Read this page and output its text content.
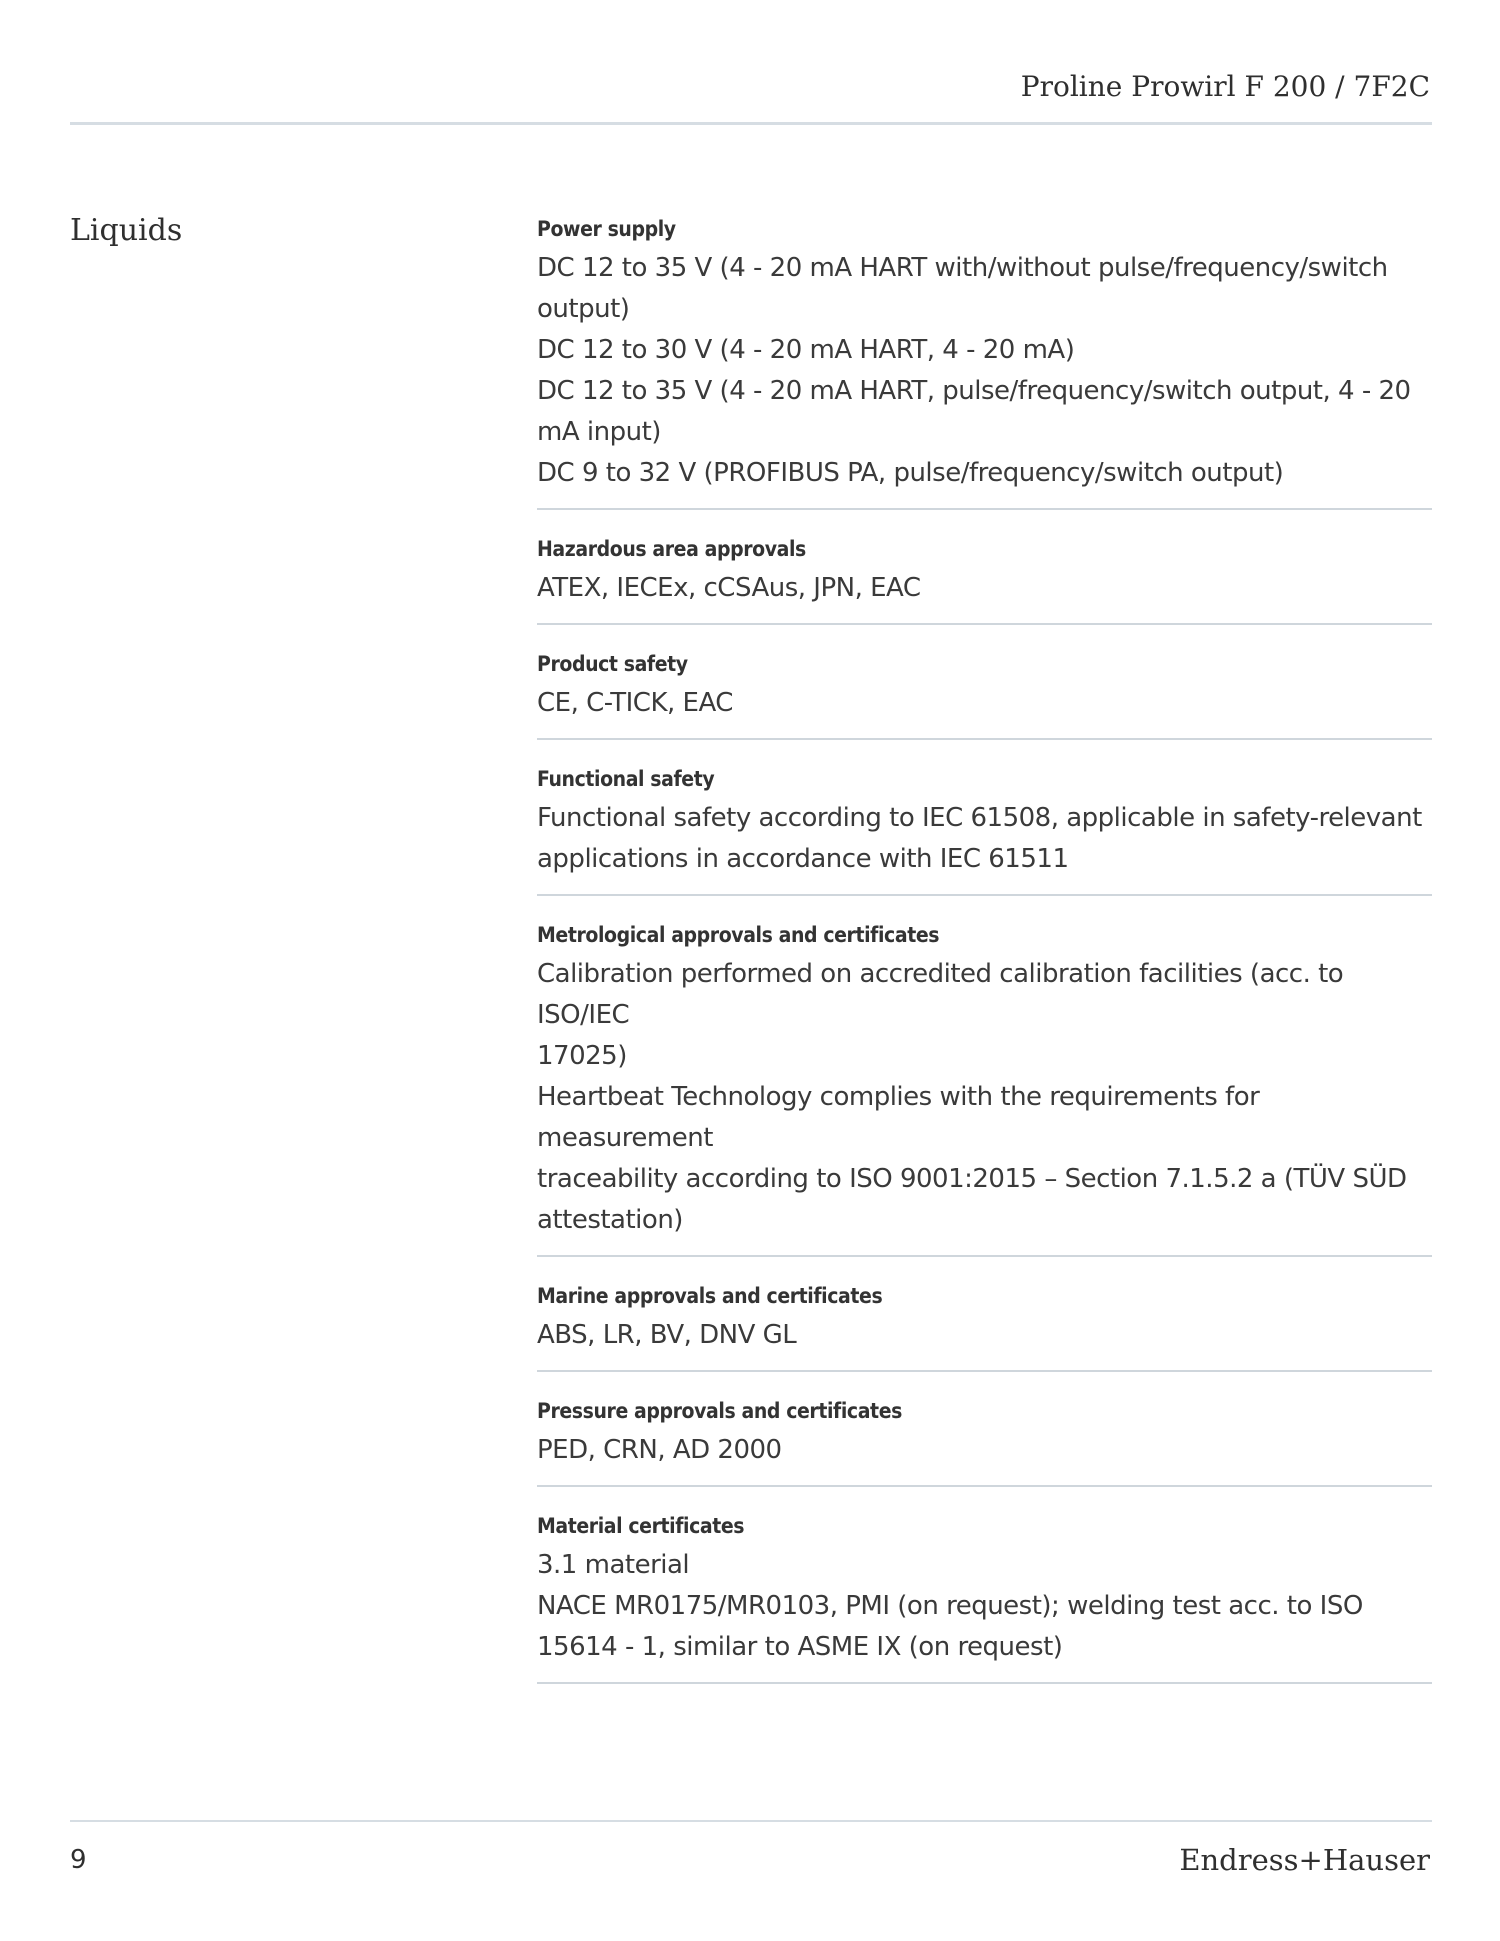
Proline Prowirl F 200 / 7F2C
Liquids	Power supply
DC 12 to 35 V (4 - 20 mA HART with/without pulse/frequency/switch
output)
DC 12 to 30 V (4 - 20 mA HART, 4 - 20 mA)
DC 12 to 35 V (4 - 20 mA HART, pulse/frequency/switch output, 4 - 20
mA input)
DC 9 to 32 V (PROFIBUS PA, pulse/frequency/switch output)
Hazardous area approvals
ATEX, IECEx, cCSAus, JPN, EAC
Product safety
CE, C-TICK, EAC
Functional safety
Functional safety according to IEC 61508, applicable in safety-relevant
applications in accordance with IEC 61511
Metrological approvals and certificates
Calibration performed on accredited calibration facilities (acc. to ISO/IEC
17025)
Heartbeat Technology complies with the requirements for measurement
traceability according to ISO 9001:2015 – Section 7.1.5.2 a (TÜV SÜD
attestation)
Marine approvals and certificates
ABS, LR, BV, DNV GL
Pressure approvals and certificates
PED, CRN, AD 2000
Material certificates
3.1 material
NACE MR0175/MR0103, PMI (on request); welding test acc. to ISO
15614 - 1, similar to ASME IX (on request)
9	Endress+Hauser
